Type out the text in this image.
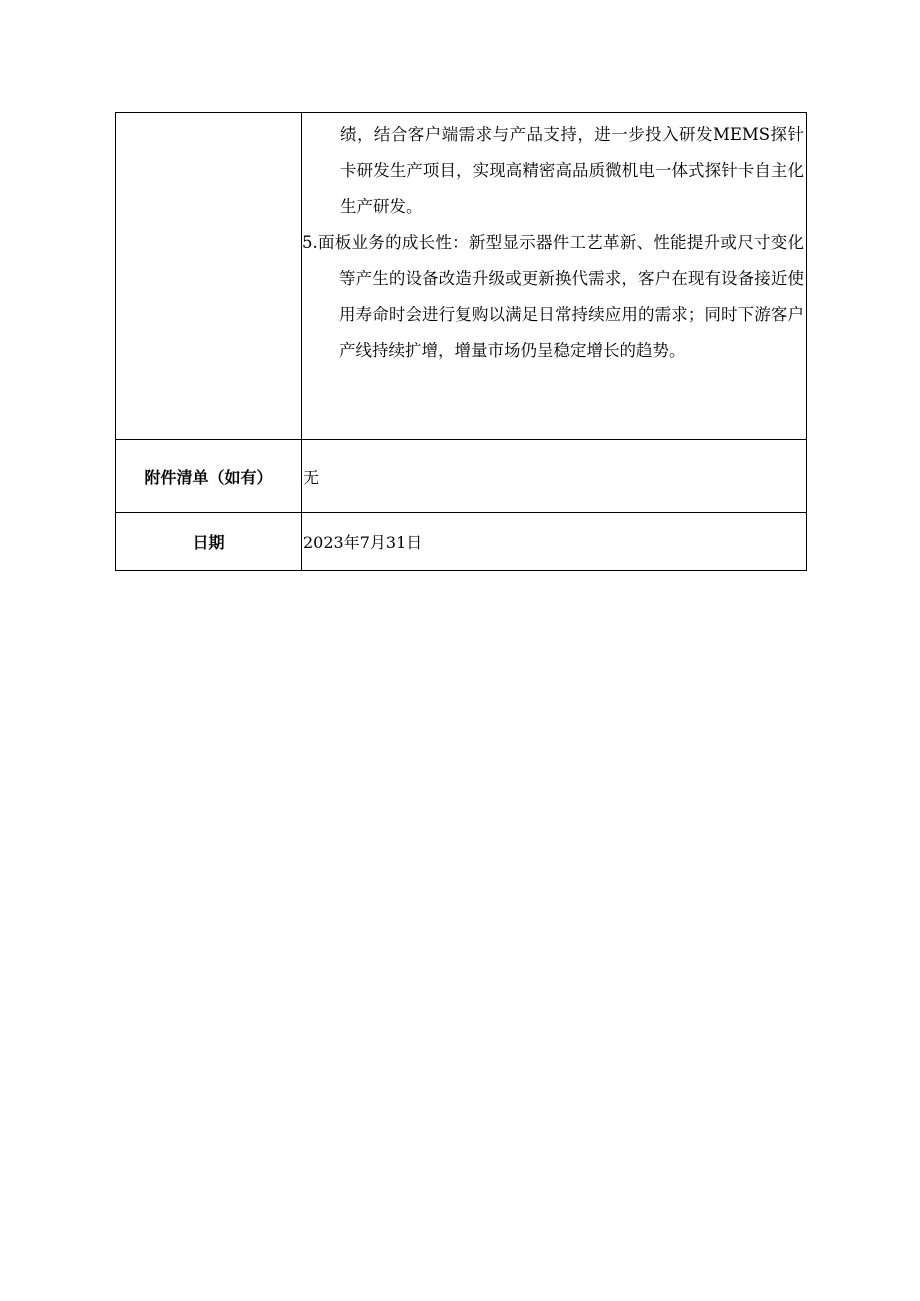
	绩，结合客户端需求与产品支持，进一步投入研发MEMS探针卡研发生产项目，实现高精密高品质微机电一体式探针卡自主化生产研发。

5.面板业务的成长性：新型显示器件工艺革新、性能提升或尺寸变化等产生的设备改造升级或更新换代需求，客户在现有设备接近使用寿命时会进行复购以满足日常持续应用的需求；同时下游客户产线持续扩增，增量市场仍呈稳定增长的趋势。

附件清单（如有）	无
日期	2023年7月31日
